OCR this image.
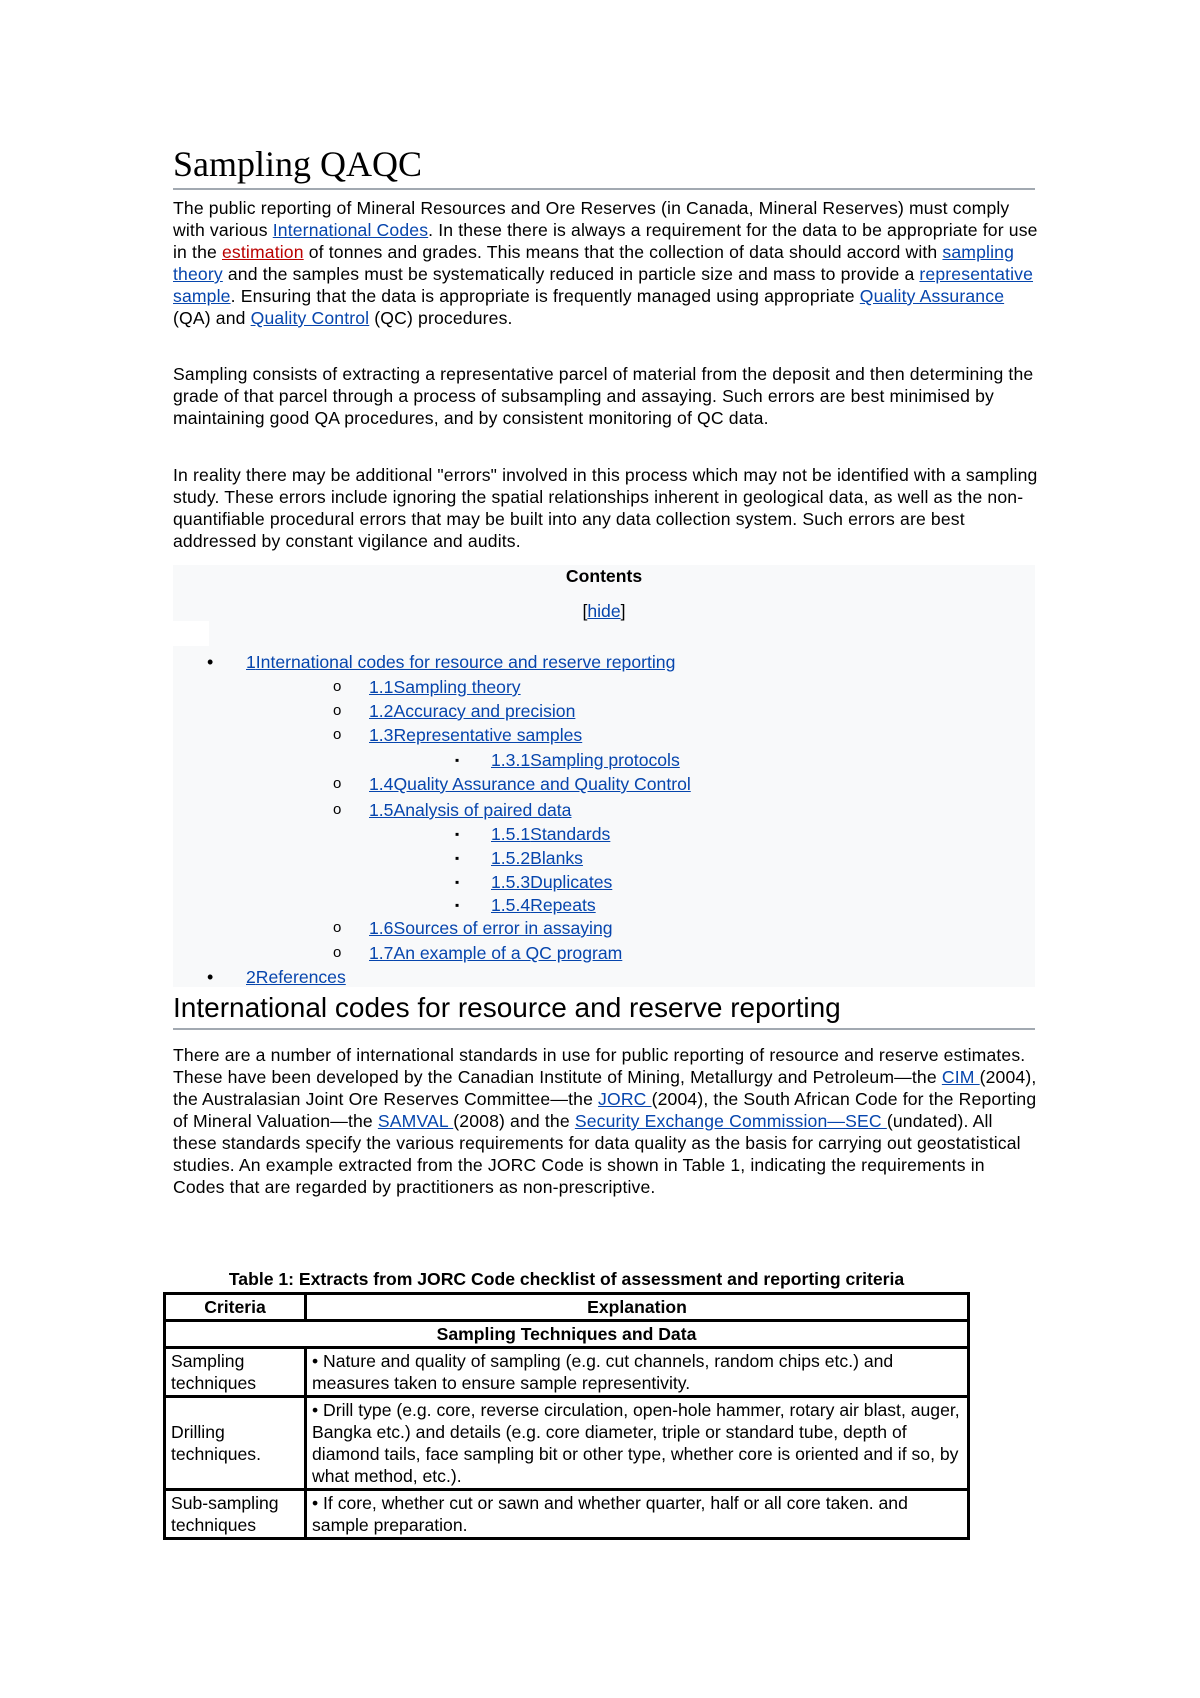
Sampling QAQC
The public reporting of Mineral Resources and Ore Reserves (in Canada, Mineral Reserves) must comply with various International Codes. In these there is always a requirement for the data to be appropriate for use in the estimation of tonnes and grades. This means that the collection of data should accord with sampling theory and the samples must be systematically reduced in particle size and mass to provide a representative sample. Ensuring that the data is appropriate is frequently managed using appropriate Quality Assurance (QA) and Quality Control (QC) procedures.
Sampling consists of extracting a representative parcel of material from the deposit and then determining the grade of that parcel through a process of subsampling and assaying. Such errors are best minimised by maintaining good QA procedures, and by consistent monitoring of QC data.
In reality there may be additional "errors" involved in this process which may not be identified with a sampling study. These errors include ignoring the spatial relationships inherent in geological data, as well as the non-quantifiable procedural errors that may be built into any data collection system. Such errors are best addressed by constant vigilance and audits.
Contents
[hide]
• 1International codes for resource and reserve reporting
o 1.1Sampling theory
o 1.2Accuracy and precision
o 1.3Representative samples
▪ 1.3.1Sampling protocols
o 1.4Quality Assurance and Quality Control
o 1.5Analysis of paired data
▪ 1.5.1Standards
▪ 1.5.2Blanks
▪ 1.5.3Duplicates
▪ 1.5.4Repeats
o 1.6Sources of error in assaying
o 1.7An example of a QC program
• 2References
International codes for resource and reserve reporting
There are a number of international standards in use for public reporting of resource and reserve estimates. These have been developed by the Canadian Institute of Mining, Metallurgy and Petroleum—the CIM (2004), the Australasian Joint Ore Reserves Committee—the JORC (2004), the South African Code for the Reporting of Mineral Valuation—the SAMVAL (2008) and the Security Exchange Commission—SEC (undated). All these standards specify the various requirements for data quality as the basis for carrying out geostatistical studies. An example extracted from the JORC Code is shown in Table 1, indicating the requirements in Codes that are regarded by practitioners as non-prescriptive.
Table 1: Extracts from JORC Code checklist of assessment and reporting criteria
Criteria	Explanation
Sampling Techniques and Data	
Sampling techniques	• Nature and quality of sampling (e.g. cut channels, random chips etc.) and measures taken to ensure sample representivity.
Drilling techniques.	• Drill type (e.g. core, reverse circulation, open-hole hammer, rotary air blast, auger, Bangka etc.) and details (e.g. core diameter, triple or standard tube, depth of diamond tails, face sampling bit or other type, whether core is oriented and if so, by what method, etc.).
Sub-sampling techniques	• If core, whether cut or sawn and whether quarter, half or all core taken. and sample preparation.
